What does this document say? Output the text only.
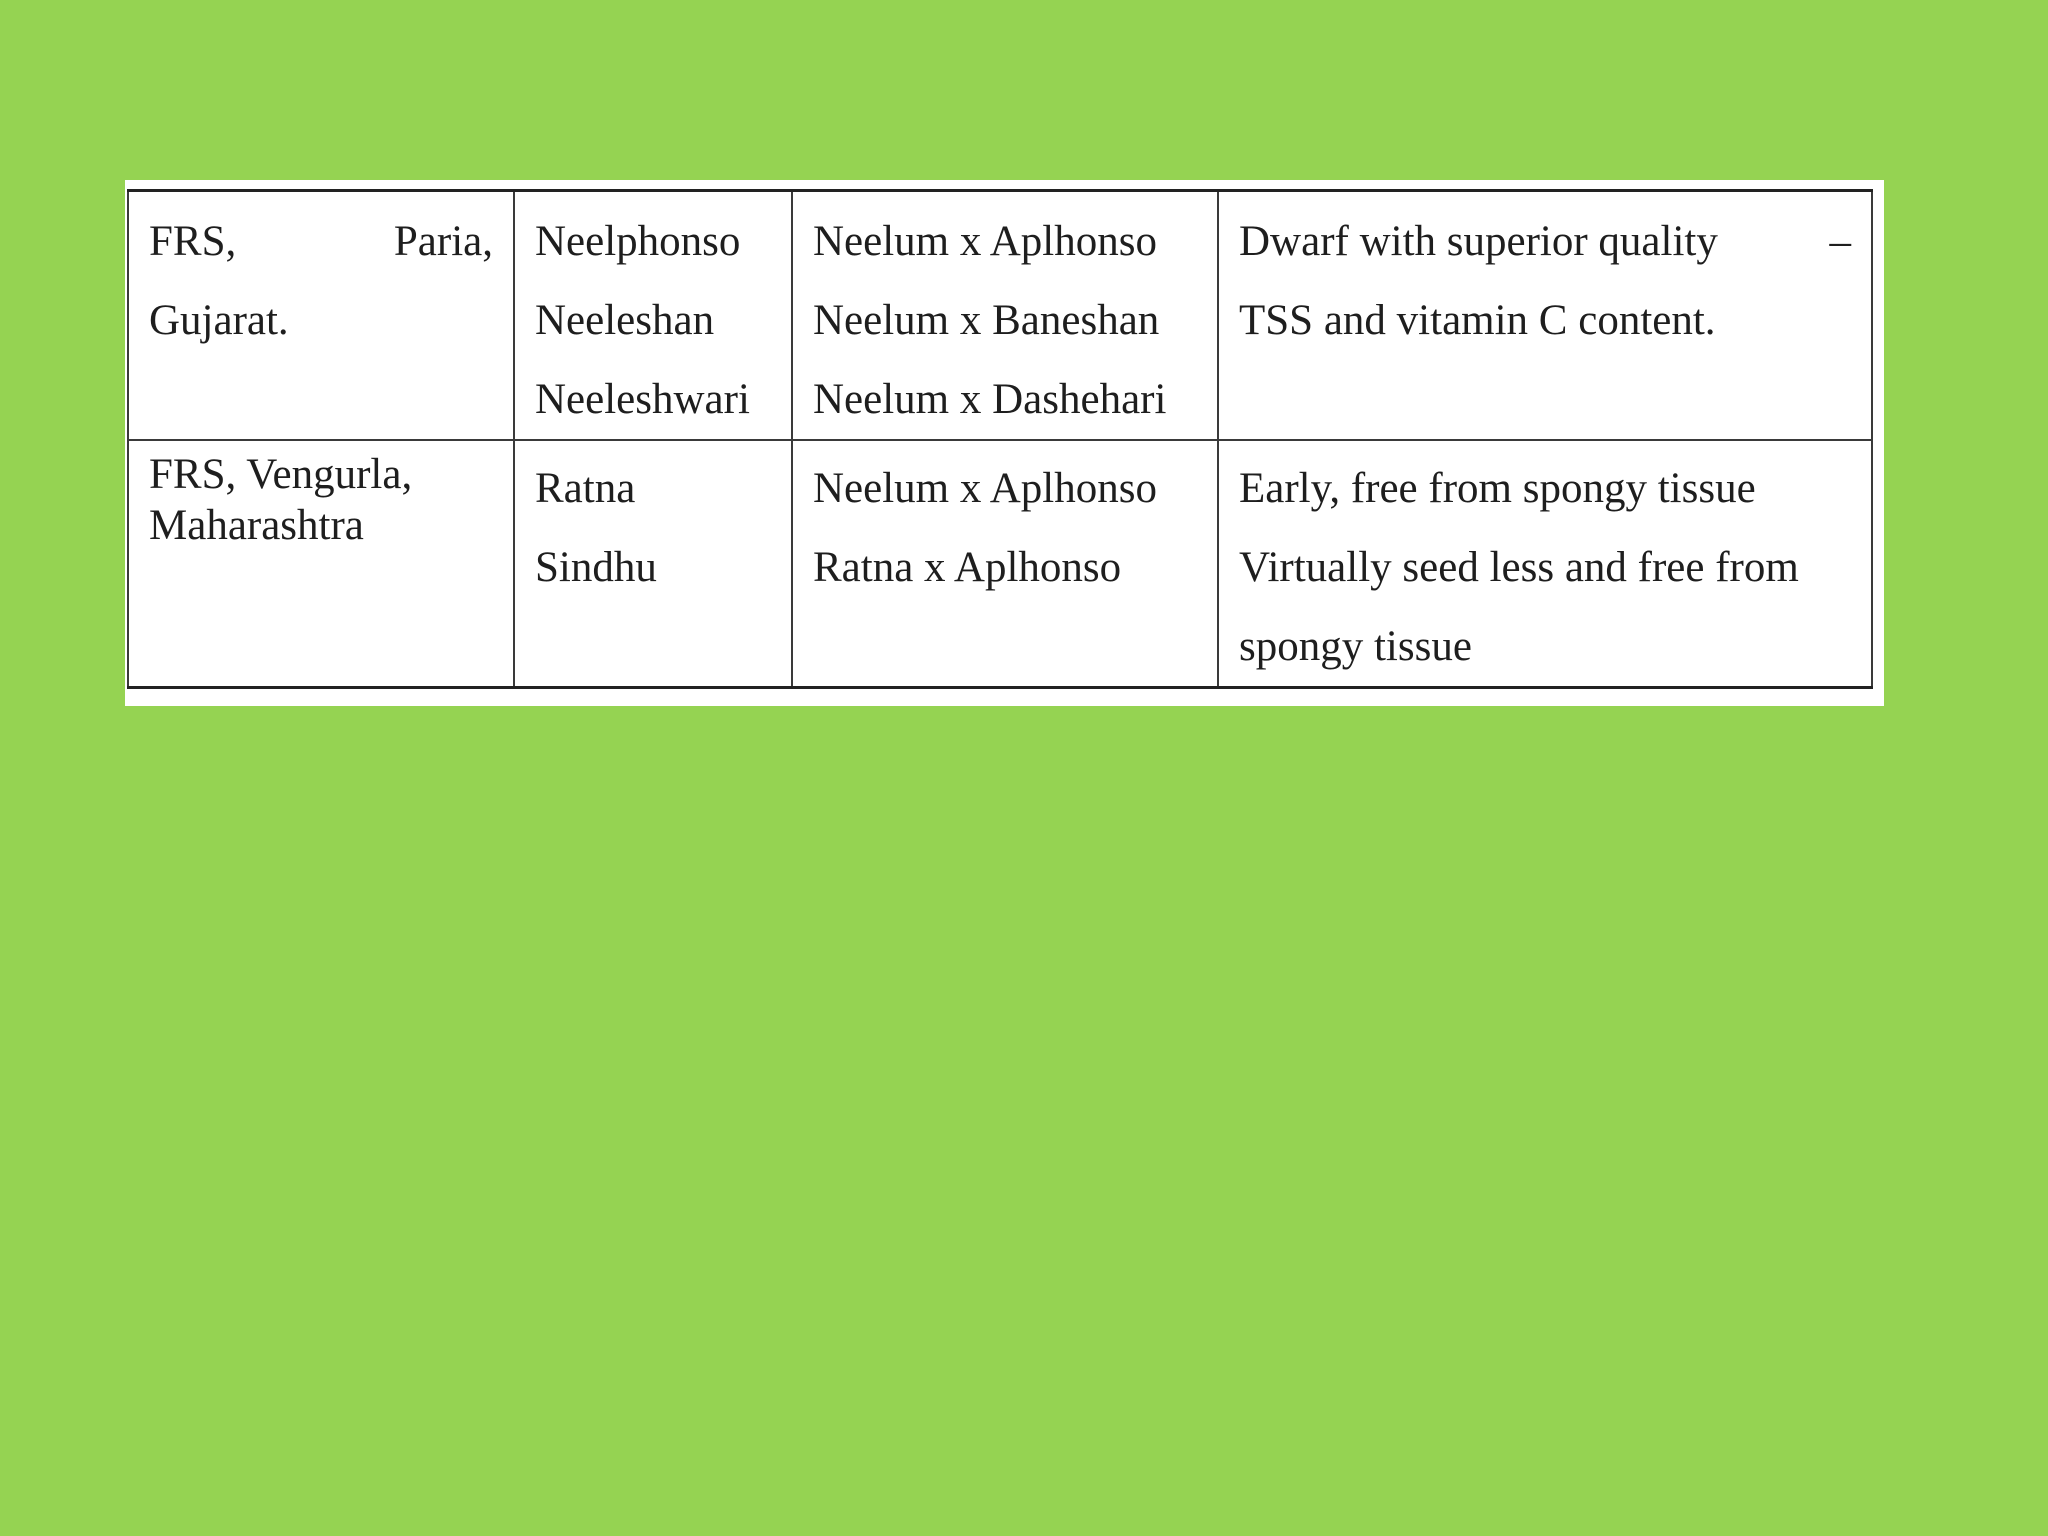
FRS, Paria,
Gujarat.	Neelphonso
Neeleshan
Neeleshwari	Neelum x Aplhonso
Neelum x Baneshan
Neelum x Dashehari	Dwarf with superior quality –
TSS and vitamin C content.

FRS, Vengurla,
Maharashtra	Ratna
Sindhu	Neelum x Aplhonso
Ratna x Aplhonso	Early, free from spongy tissue
Virtually seed less and free from
spongy tissue
